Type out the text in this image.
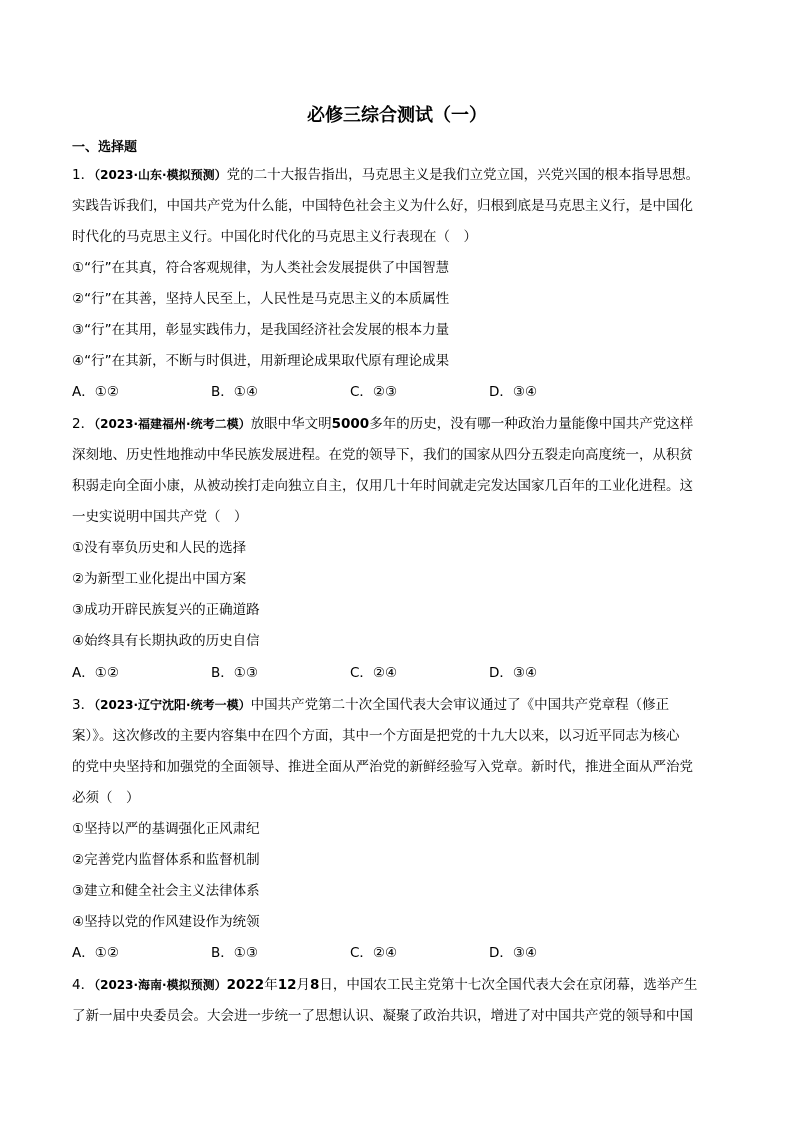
必修三综合测试（一）
一、选择题
1．（2023·山东·模拟预测）党的二十大报告指出，马克思主义是我们立党立国，兴党兴国的根本指导思想。
实践告诉我们，中国共产党为什么能，中国特色社会主义为什么好，归根到底是马克思主义行，是中国化
时代化的马克思主义行。中国化时代化的马克思主义行表现在（　）
①“行”在其真，符合客观规律，为人类社会发展提供了中国智慧
②“行”在其善，坚持人民至上，人民性是马克思主义的本质属性
③“行”在其用，彰显实践伟力，是我国经济社会发展的根本力量
④“行”在其新，不断与时俱进，用新理论成果取代原有理论成果
A．①②	B．①④	C．②③	D．③④
2．（2023·福建福州·统考二模）放眼中华文明5000多年的历史，没有哪一种政治力量能像中国共产党这样
深刻地、历史性地推动中华民族发展进程。在党的领导下，我们的国家从四分五裂走向高度统一，从积贫
积弱走向全面小康，从被动挨打走向独立自主，仅用几十年时间就走完发达国家几百年的工业化进程。这
一史实说明中国共产党（　）
①没有辜负历史和人民的选择
②为新型工业化提出中国方案
③成功开辟民族复兴的正确道路
④始终具有长期执政的历史自信
A．①②	B．①③	C．②④	D．③④
3．（2023·辽宁沈阳·统考一模）中国共产党第二十次全国代表大会审议通过了《中国共产党章程（修正
案）》。这次修改的主要内容集中在四个方面，其中一个方面是把党的十九大以来，以习近平同志为核心
的党中央坚持和加强党的全面领导、推进全面从严治党的新鲜经验写入党章。新时代，推进全面从严治党
必须（　）
①坚持以严的基调强化正风肃纪
②完善党内监督体系和监督机制
③建立和健全社会主义法律体系
④坚持以党的作风建设作为统领
A．①②	B．①③	C．②④	D．③④
4．（2023·海南·模拟预测）2022年12月8日，中国农工民主党第十七次全国代表大会在京闭幕，选举产生
了新一届中央委员会。大会进一步统一了思想认识、凝聚了政治共识，增进了对中国共产党的领导和中国
